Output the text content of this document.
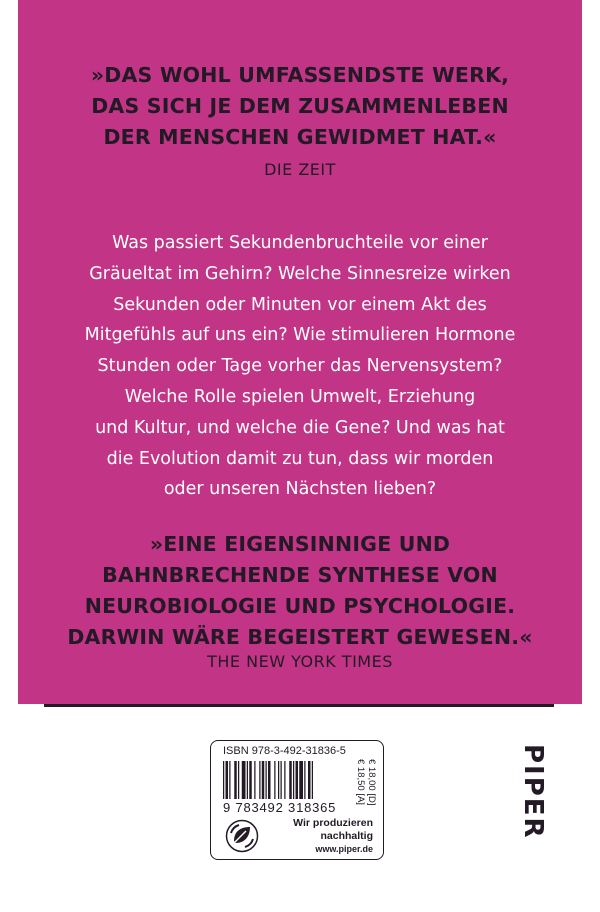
»DAS WOHL UMFASSENDSTE WERK,
DAS SICH JE DEM ZUSAMMENLEBEN
DER MENSCHEN GEWIDMET HAT.«
DIE ZEIT
Was passiert Sekundenbruchteile vor einer
Gräueltat im Gehirn? Welche Sinnesreize wirken
Sekunden oder Minuten vor einem Akt des
Mitgefühls auf uns ein? Wie stimulieren Hormone
Stunden oder Tage vorher das Nervensystem?
Welche Rolle spielen Umwelt, Erziehung
und Kultur, und welche die Gene? Und was hat
die Evolution damit zu tun, dass wir morden
oder unseren Nächsten lieben?
»EINE EIGENSINNIGE UND
BAHNBRECHENDE SYNTHESE VON
NEUROBIOLOGIE UND PSYCHOLOGIE.
DARWIN WÄRE BEGEISTERT GEWESEN.«
THE NEW YORK TIMES
ISBN 978-3-492-31836-5
9 783492 318365
€ 18,00 [D]
€ 18,50 [A]
Wir produzieren
nachhaltig
www.piper.de
PIPER
